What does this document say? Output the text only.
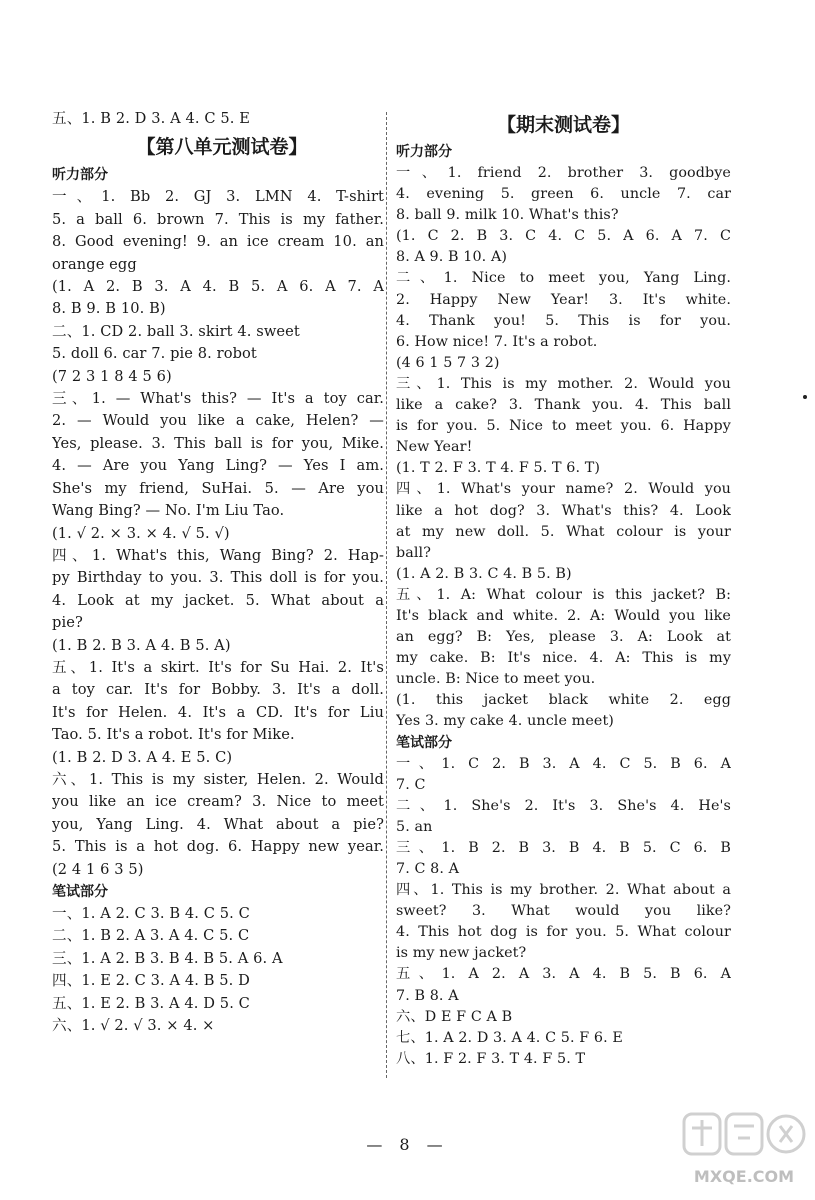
五、1. B 2. D 3. A 4. C 5. E
【第八单元测试卷】
听力部分
一、1. Bb 2. GJ 3. LMN 4. T-shirt
5. a ball 6. brown 7. This is my father.
8. Good evening! 9. an ice cream 10. an
orange egg
(1. A 2. B 3. A 4. B 5. A 6. A 7. A
8. B 9. B 10. B)
二、1. CD 2. ball 3. skirt 4. sweet
5. doll 6. car 7. pie 8. robot
(7 2 3 1 8 4 5 6)
三、1. — What's this? — It's a toy car.
2. — Would you like a cake, Helen? —
Yes, please. 3. This ball is for you, Mike.
4. — Are you Yang Ling? — Yes I am.
She's my friend, SuHai. 5. — Are you
Wang Bing? — No. I'm Liu Tao.
(1. √ 2. × 3. × 4. √ 5. √)
四、1. What's this, Wang Bing? 2. Hap-
py Birthday to you. 3. This doll is for you.
4. Look at my jacket. 5. What about a
pie?
(1. B 2. B 3. A 4. B 5. A)
五、1. It's a skirt. It's for Su Hai. 2. It's
a toy car. It's for Bobby. 3. It's a doll.
It's for Helen. 4. It's a CD. It's for Liu
Tao. 5. It's a robot. It's for Mike.
(1. B 2. D 3. A 4. E 5. C)
六、1. This is my sister, Helen. 2. Would
you like an ice cream? 3. Nice to meet
you, Yang Ling. 4. What about a pie?
5. This is a hot dog. 6. Happy new year.
(2 4 1 6 3 5)
笔试部分
一、1. A 2. C 3. B 4. C 5. C
二、1. B 2. A 3. A 4. C 5. C
三、1. A 2. B 3. B 4. B 5. A 6. A
四、1. E 2. C 3. A 4. B 5. D
五、1. E 2. B 3. A 4. D 5. C
六、1. √ 2. √ 3. × 4. ×
【期末测试卷】
听力部分
一、1. friend 2. brother 3. goodbye
4. evening 5. green 6. uncle 7. car
8. ball 9. milk 10. What's this?
(1. C 2. B 3. C 4. C 5. A 6. A 7. C
8. A 9. B 10. A)
二、1. Nice to meet you, Yang Ling.
2. Happy New Year! 3. It's white.
4. Thank you! 5. This is for you.
6. How nice! 7. It's a robot.
(4 6 1 5 7 3 2)
三、1. This is my mother. 2. Would you
like a cake? 3. Thank you. 4. This ball
is for you. 5. Nice to meet you. 6. Happy
New Year!
(1. T 2. F 3. T 4. F 5. T 6. T)
四、1. What's your name? 2. Would you
like a hot dog? 3. What's this? 4. Look
at my new doll. 5. What colour is your
ball?
(1. A 2. B 3. C 4. B 5. B)
五、1. A: What colour is this jacket? B:
It's black and white. 2. A: Would you like
an egg? B: Yes, please 3. A: Look at
my cake. B: It's nice. 4. A: This is my
uncle. B: Nice to meet you.
(1. this jacket black white 2. egg
Yes 3. my cake 4. uncle meet)
笔试部分
一、1. C 2. B 3. A 4. C 5. B 6. A
7. C
二、1. She's 2. It's 3. She's 4. He's
5. an
三、1. B 2. B 3. B 4. B 5. C 6. B
7. C 8. A
四、1. This is my brother. 2. What about a
sweet? 3. What would you like?
4. This hot dog is for you. 5. What colour
is my new jacket?
五、1. A 2. A 3. A 4. B 5. B 6. A
7. B 8. A
六、D E F C A B
七、1. A 2. D 3. A 4. C 5. F 6. E
八、1. F 2. F 3. T 4. F 5. T
— 8 —
MXQE.COM
